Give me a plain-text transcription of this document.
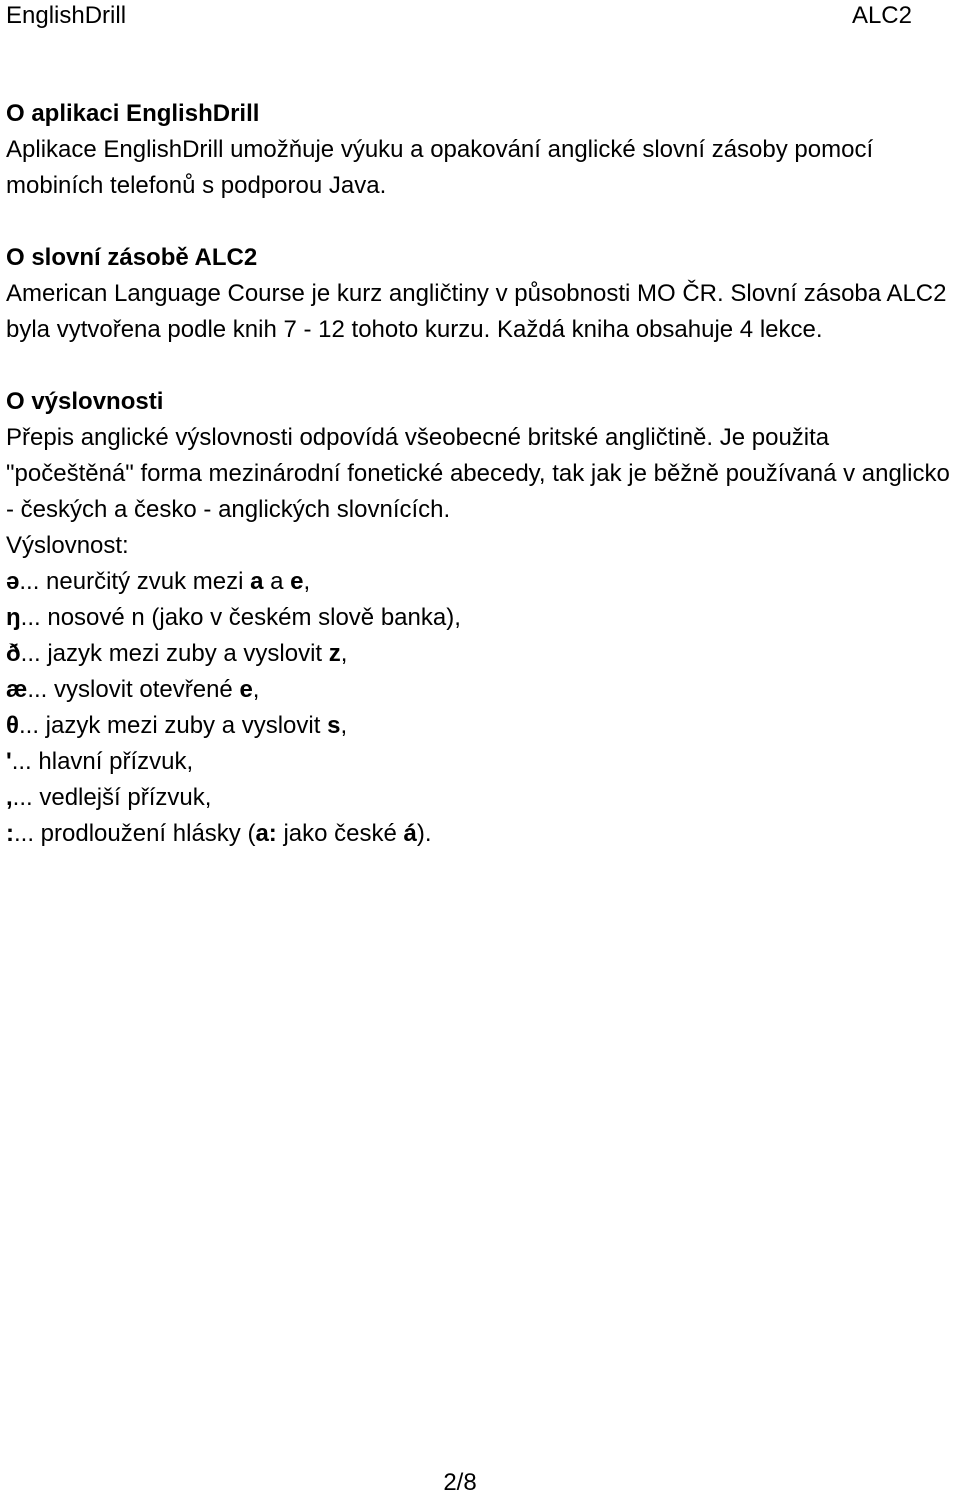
EnglishDrill	ALC2

O aplikaci EnglishDrill

Aplikace EnglishDrill umožňuje výuku a opakování anglické slovní zásoby pomocí mobiních telefonů s podporou Java.

O slovní zásobě ALC2

American Language Course je kurz angličtiny v působnosti MO ČR. Slovní zásoba ALC2 byla vytvořena podle knih 7 - 12 tohoto kurzu. Každá kniha obsahuje 4 lekce.

O výslovnosti

Přepis anglické výslovnosti odpovídá všeobecné britské angličtině. Je použita "počeštěná" forma mezinárodní fonetické abecedy, tak jak je běžně používaná v anglicko - českých a česko - anglických slovnících.

Výslovnost:

ə... neurčitý zvuk mezi a a e,
ŋ... nosové n (jako v českém slově banka),
ð... jazyk mezi zuby a vyslovit z,
æ... vyslovit otevřené e,
θ... jazyk mezi zuby a vyslovit s,
'... hlavní přízvuk,
,... vedlejší přízvuk,
:... prodloužení hlásky (a: jako české á).
2/8
